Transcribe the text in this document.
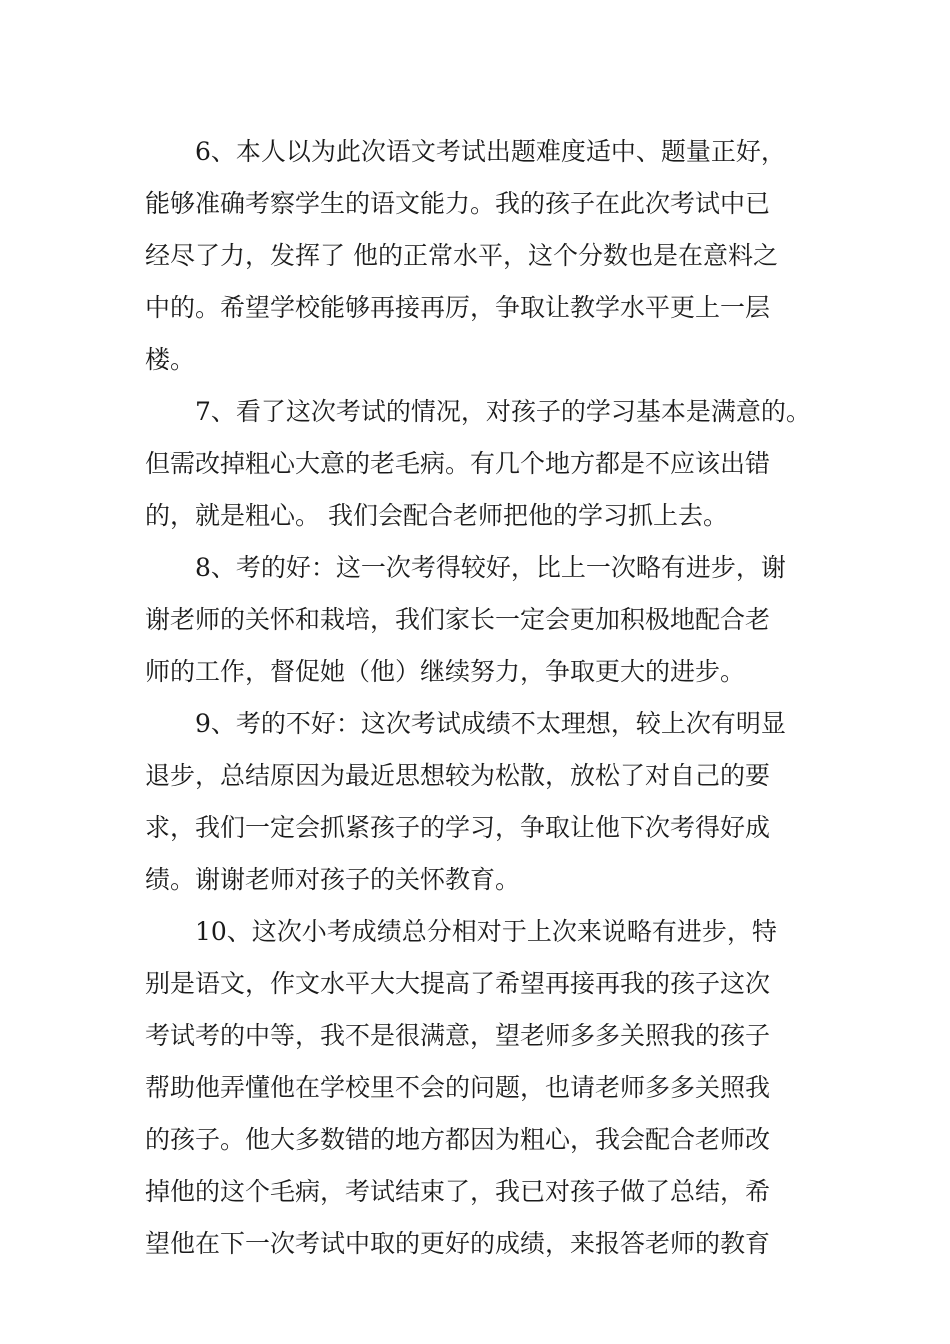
6、本人以为此次语文考试出题难度适中、题量正好，
能够准确考察学生的语文能力。我的孩子在此次考试中已
经尽了力，发挥了 他的正常水平，这个分数也是在意料之
中的。希望学校能够再接再厉，争取让教学水平更上一层
楼。
7、看了这次考试的情况，对孩子的学习基本是满意的。
但需改掉粗心大意的老毛病。有几个地方都是不应该出错
的，就是粗心。 我们会配合老师把他的学习抓上去。
8、考的好：这一次考得较好，比上一次略有进步，谢
谢老师的关怀和栽培，我们家长一定会更加积极地配合老
师的工作，督促她（他）继续努力，争取更大的进步。
9、考的不好：这次考试成绩不太理想，较上次有明显
退步，总结原因为最近思想较为松散，放松了对自己的要
求，我们一定会抓紧孩子的学习，争取让他下次考得好成
绩。谢谢老师对孩子的关怀教育。
10、这次小考成绩总分相对于上次来说略有进步，特
别是语文，作文水平大大提高了希望再接再我的孩子这次
考试考的中等，我不是很满意，望老师多多关照我的孩子
帮助他弄懂他在学校里不会的问题，也请老师多多关照我
的孩子。他大多数错的地方都因为粗心，我会配合老师改
掉他的这个毛病，考试结束了，我已对孩子做了总结，希
望他在下一次考试中取的更好的成绩，来报答老师的教育
